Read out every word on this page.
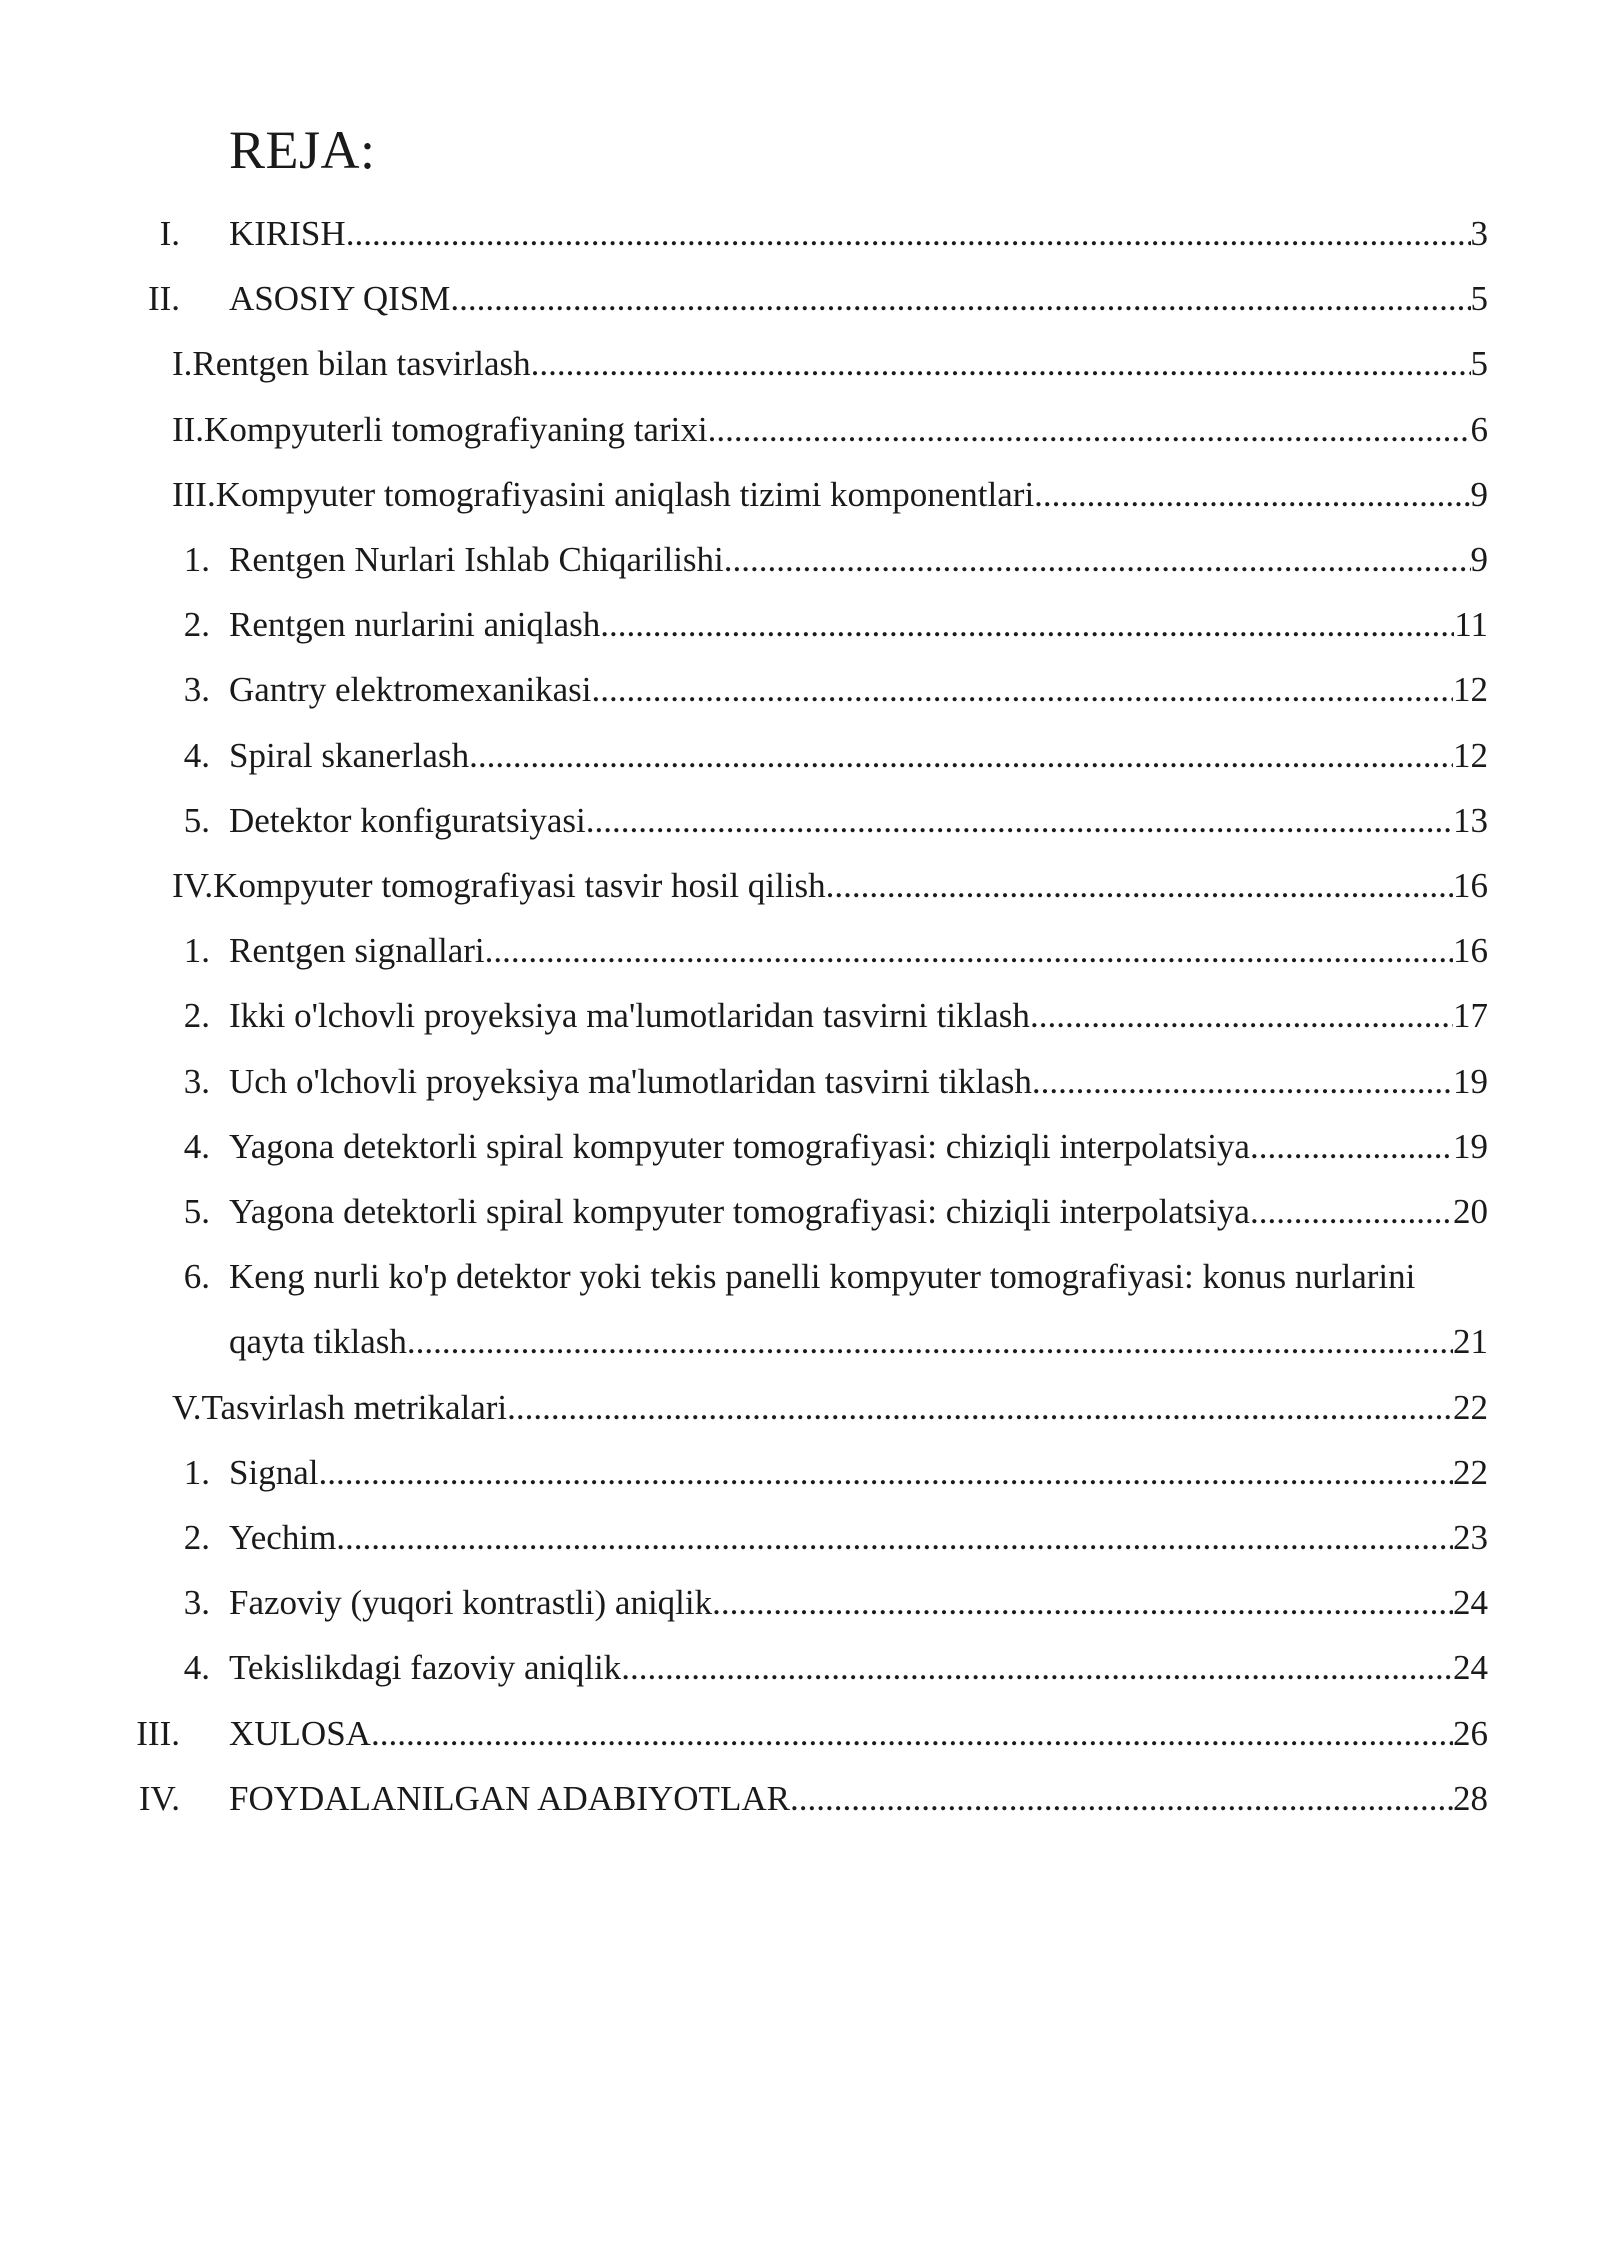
REJA:
I. KIRISH .....	3
II. ASOSIY QISM .....	5
I.Rentgen bilan tasvirlash .....	5
II.Kompyuterli tomografiyaning tarixi .....	6
III.Kompyuter tomografiyasini aniqlash tizimi komponentlari .....	9
1. Rentgen Nurlari Ishlab Chiqarilishi .....	9
2. Rentgen nurlarini aniqlash .....	11
3. Gantry elektromexanikasi .....	12
4. Spiral skanerlash .....	12
5. Detektor konfiguratsiyasi .....	13
IV.Kompyuter tomografiyasi tasvir hosil qilish .....	16
1. Rentgen signallari .....	16
2. Ikki o'lchovli proyeksiya ma'lumotlaridan tasvirni tiklash .....	17
3. Uch o'lchovli proyeksiya ma'lumotlaridan tasvirni tiklash .....	19
4. Yagona detektorli spiral kompyuter tomografiyasi: chiziqli interpolatsiya .....	19
5. Yagona detektorli spiral kompyuter tomografiyasi: chiziqli interpolatsiya .....	20
6. Keng nurli ko'p detektor yoki tekis panelli kompyuter tomografiyasi: konus nurlarini
qayta tiklash .....	21
V.Tasvirlash metrikalari .....	22
1. Signal .....	22
2. Yechim .....	23
3. Fazoviy (yuqori kontrastli) aniqlik .....	24
4. Tekislikdagi fazoviy aniqlik .....	24
III. XULOSA .....	26
IV. FOYDALANILGAN ADABIYOTLAR .....	28
